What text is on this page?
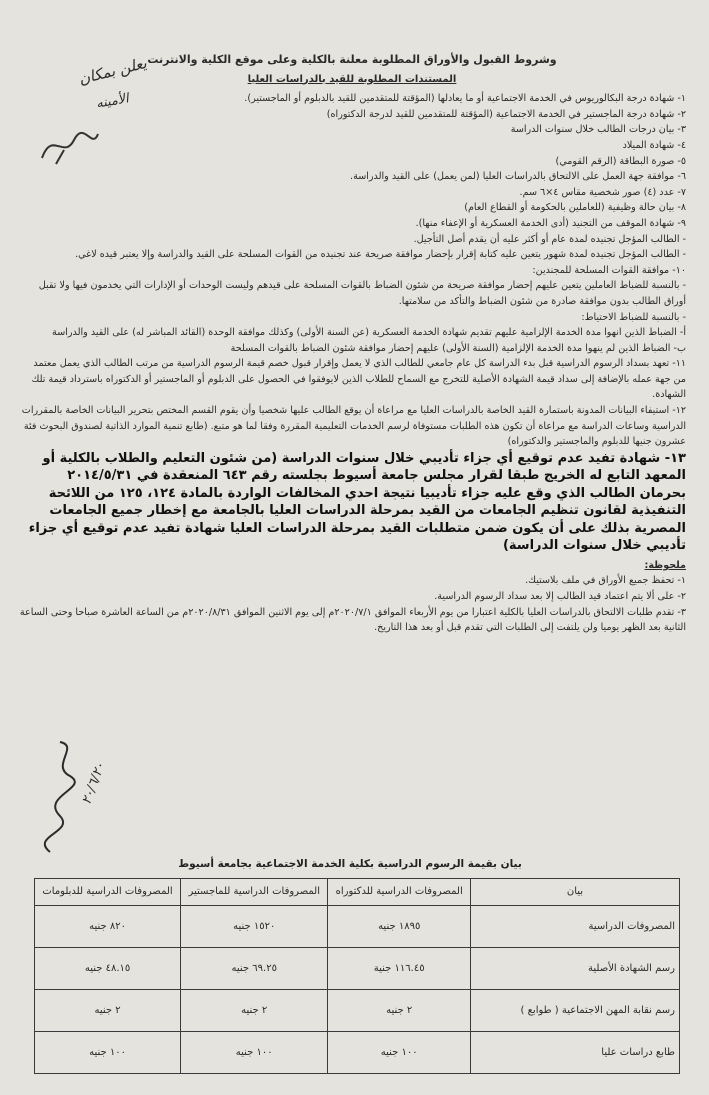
يعلن بمكان
الأمينه

وشروط القبول والأوراق المطلوبة معلنة بالكلية وعلى موقع الكلية والانترنت

المستندات المطلوبة للقيد بالدراسات العليا

١- شهادة درجة البكالوريوس في الخدمة الاجتماعية أو ما يعادلها (المؤقتة للمتقدمين للقيد بالدبلوم أو الماجستير).

٢- شهادة درجة الماجستير في الخدمة الاجتماعية (المؤقتة للمتقدمين للقيد لدرجة الدكتوراه)

٣- بيان درجات الطالب خلال سنوات الدراسة

٤- شهادة الميلاد

٥- صورة البطاقة (الرقم القومي)

٦- موافقة جهة العمل على الالتحاق بالدراسات العليا (لمن يعمل) على القيد والدراسة.

٧- عدد (٤) صور شخصية مقاس ٤×٦ سم.

٨- بيان حالة وظيفية (للعاملين بالحكومة أو القطاع العام)

٩- شهادة الموقف من التجنيد (أدى الخدمة العسكرية أو الإعفاء منها).

- الطالب المؤجل تجنيده لمدة عام أو أكثر عليه أن يقدم أصل التأجيل.

- الطالب المؤجل تجنيده لمدة شهور يتعين عليه كتابة إقرار بإحضار موافقة صريحة عند تجنيده من القوات المسلحة على القيد والدراسة وإلا يعتبر قيده لاغي.

١٠- موافقة القوات المسلحة للمجندين:

- بالنسبة للضباط العاملين يتعين عليهم إحضار موافقة صريحة من شئون الضباط بالقوات المسلحة على قيدهم وليست الوحدات أو الإدارات التي يخدمون فيها ولا تقبل أوراق الطالب بدون موافقة صادرة من شئون الضباط والتأكد من سلامتها.

- بالنسبة للضباط الاحتياط:

أ- الضباط الذين انهوا مدة الخدمة الإلزامية عليهم تقديم شهادة الخدمة العسكرية (عن السنة الأولى) وكذلك موافقة الوحدة (القائد المباشر له) على القيد والدراسة

ب- الضباط الذين لم ينهوا مدة الخدمة الإلزامية (السنة الأولى) عليهم إحضار موافقة شئون الضباط بالقوات المسلحة

١١- تعهد بسداد الرسوم الدراسية قبل بدء الدراسة كل عام جامعي للطالب الذي لا يعمل وإقرار قبول خصم قيمة الرسوم الدراسية من مرتب الطالب الذي يعمل معتمد من جهة عمله بالإضافة إلى سداد قيمة الشهادة الأصلية للتخرج مع السماح للطلاب الذين لايوفقوا في الحصول على الدبلوم أو الماجستير أو الدكتوراه باسترداد قيمة تلك الشهادة.

١٢- استيفاء البيانات المدونة باستمارة القيد الخاصة بالدراسات العليا مع مراعاة أن يوقع الطالب عليها شخصيا وأن يقوم القسم المختص بتحرير البيانات الخاصة بالمقررات الدراسية وساعات الدراسة مع مراعاة أن تكون هذه الطلبات مستوفاة لرسم الخدمات التعليمية المقررة وفقا لما هو متبع. (طابع تنمية الموارد الذاتية لصندوق البحوث فئة عشرون جنيها للدبلوم والماجستير والدكتوراه)

١٣- شهادة تفيد عدم توقيع أي جزاء تأديبي خلال سنوات الدراسة (من شئون التعليم والطلاب بالكلية أو المعهد التابع له الخريج طبقا لقرار مجلس جامعة أسيوط بجلسته رقم ٦٤٣ المنعقدة في ٢٠١٤/٥/٣١ بحرمان الطالب الذي وقع عليه جزاء تأديبيا نتيجة احدي المخالفات الواردة بالمادة ١٢٤، ١٢٥ من اللائحة التنفيذية لقانون تنظيم الجامعات من القيد بمرحلة الدراسات العليا بالجامعة مع إخطار جميع الجامعات المصرية بذلك على أن يكون ضمن متطلبات القيد بمرحلة الدراسات العليا شهادة تفيد عدم توقيع أي جزاء تأديبي خلال سنوات الدراسة)

ملحوظة:

١- تحفظ جميع الأوراق في ملف بلاستيك.

٢- على ألا يتم اعتماد قيد الطالب إلا بعد سداد الرسوم الدراسية.

٣- تقدم طلبات الالتحاق بالدراسات العليا بالكلية اعتبارا من يوم الأربعاء الموافق ٢٠٢٠/٧/١م إلى يوم الاثنين الموافق ٢٠٢٠/٨/٣١م من الساعة العاشرة صباحا وحتى الساعة الثانية بعد الظهر يوميا ولن يلتفت إلى الطلبات التي تقدم قبل أو بعد هذا التاريخ.

٢٠/٦/٢٠
بيان بقيمة الرسوم الدراسية بكلية الخدمة الاجتماعية بجامعة أسيوط
بيان	المصروفات الدراسية للدكتوراه	المصروفات الدراسية للماجستير	المصروفات الدراسية للدبلومات
المصروفات الدراسية	١٨٩٥ جنيه	١٥٢٠ جنيه	٨٢٠ جنيه
رسم الشهادة الأصلية	١١٦.٤٥ جنية	٦٩.٢٥ جنيه	٤٨.١٥ جنيه
رسم نقابة المهن الاجتماعية ( طوابع )	٢ جنيه	٢ جنيه	٢ جنيه
طابع دراسات عليا	١٠٠ جنيه	١٠٠ جنيه	١٠٠ جنيه
